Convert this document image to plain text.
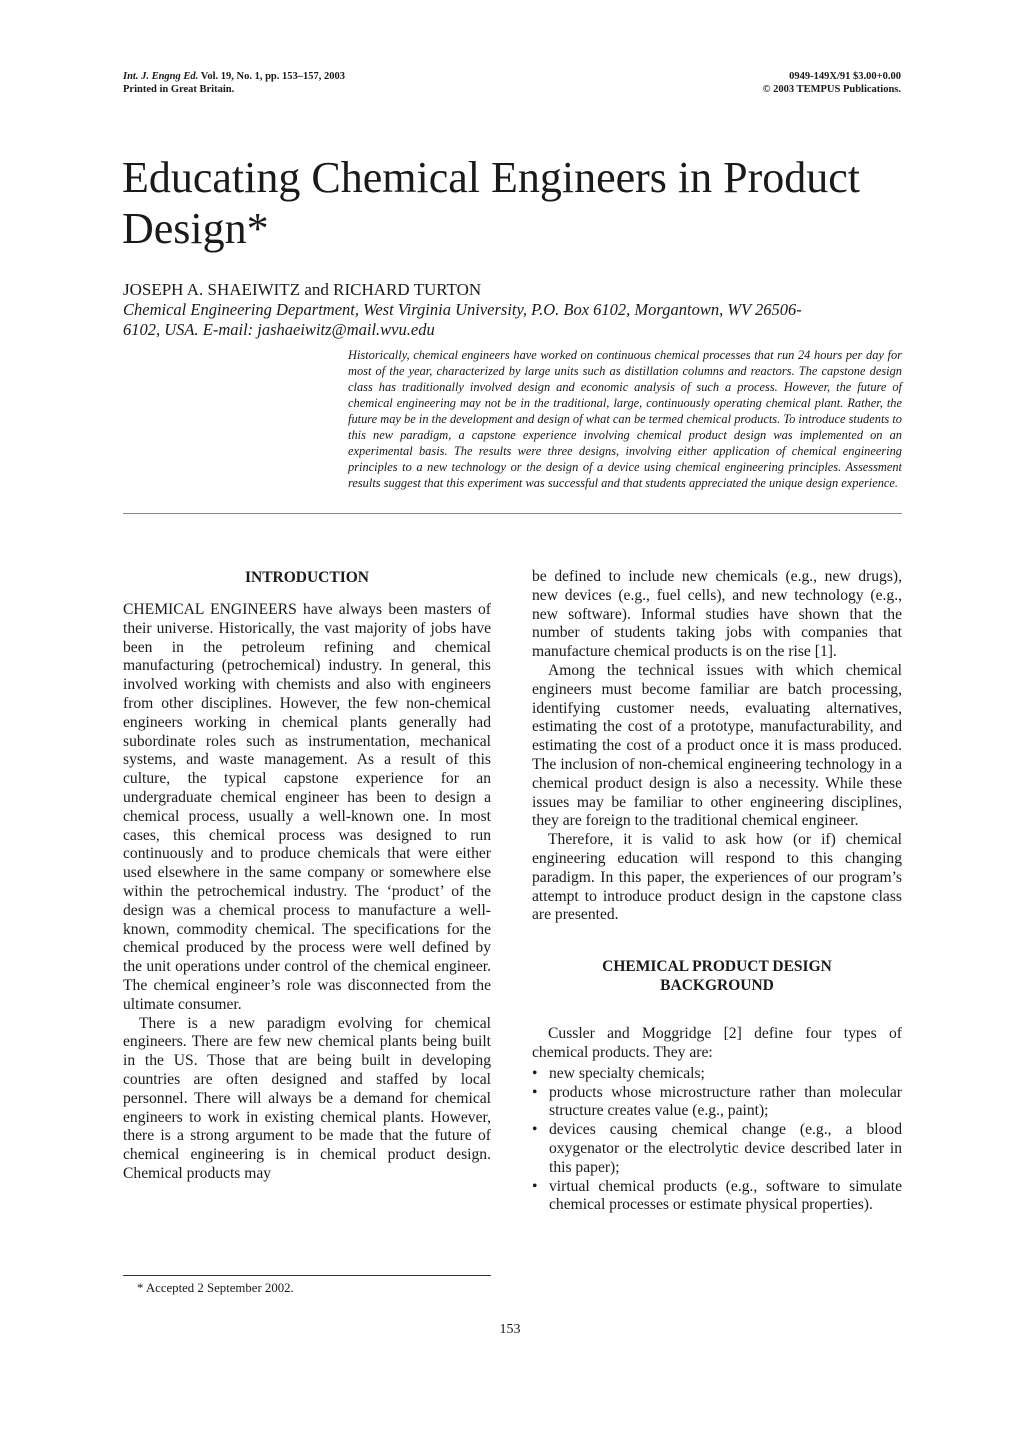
Int. J. Engng Ed. Vol. 19, No. 1, pp. 153–157, 2003
Printed in Great Britain.
0949-149X/91 $3.00+0.00
© 2003 TEMPUS Publications.
Educating Chemical Engineers in Product Design*
JOSEPH A. SHAEIWITZ and RICHARD TURTON
Chemical Engineering Department, West Virginia University, P.O. Box 6102, Morgantown, WV 26506-6102, USA. E-mail: jashaeiwitz@mail.wvu.edu

Historically, chemical engineers have worked on continuous chemical processes that run 24 hours per day for most of the year, characterized by large units such as distillation columns and reactors. The capstone design class has traditionally involved design and economic analysis of such a process. However, the future of chemical engineering may not be in the traditional, large, continuously operating chemical plant. Rather, the future may be in the development and design of what can be termed chemical products. To introduce students to this new paradigm, a capstone experience involving chemical product design was implemented on an experimental basis. The results were three designs, involving either application of chemical engineering principles to a new technology or the design of a device using chemical engineering principles. Assessment results suggest that this experiment was successful and that students appreciated the unique design experience.

INTRODUCTION

CHEMICAL ENGINEERS have always been masters of their universe. Historically, the vast majority of jobs have been in the petroleum refining and chemical manufacturing (petrochemical) industry. In general, this involved working with chemists and also with engineers from other disciplines. However, the few non-chemical engineers working in chemical plants generally had subordinate roles such as instrumentation, mechanical systems, and waste management. As a result of this culture, the typical capstone experience for an undergraduate chemical engineer has been to design a chemical process, usually a well-known one. In most cases, this chemical process was designed to run continuously and to produce chemicals that were either used elsewhere in the same company or somewhere else within the petrochemical industry. The ‘product’ of the design was a chemical process to manufacture a well-known, commodity chemical. The specifications for the chemical produced by the process were well defined by the unit operations under control of the chemical engineer. The chemical engineer’s role was disconnected from the ultimate consumer.

There is a new paradigm evolving for chemical engineers. There are few new chemical plants being built in the US. Those that are being built in developing countries are often designed and staffed by local personnel. There will always be a demand for chemical engineers to work in existing chemical plants. However, there is a strong argument to be made that the future of chemical engineering is in chemical product design. Chemical products may

be defined to include new chemicals (e.g., new drugs), new devices (e.g., fuel cells), and new technology (e.g., new software). Informal studies have shown that the number of students taking jobs with companies that manufacture chemical products is on the rise [1].

Among the technical issues with which chemical engineers must become familiar are batch processing, identifying customer needs, evaluating alternatives, estimating the cost of a prototype, manufacturability, and estimating the cost of a product once it is mass produced. The inclusion of non-chemical engineering technology in a chemical product design is also a necessity. While these issues may be familiar to other engineering disciplines, they are foreign to the traditional chemical engineer.

Therefore, it is valid to ask how (or if) chemical engineering education will respond to this changing paradigm. In this paper, the experiences of our program’s attempt to introduce product design in the capstone class are presented.

CHEMICAL PRODUCT DESIGN
BACKGROUND

Cussler and Moggridge [2] define four types of chemical products. They are:

• new specialty chemicals;
• products whose microstructure rather than molecular structure creates value (e.g., paint);
• devices causing chemical change (e.g., a blood oxygenator or the electrolytic device described later in this paper);
• virtual chemical products (e.g., software to simulate chemical processes or estimate physical properties).
* Accepted 2 September 2002.
153
